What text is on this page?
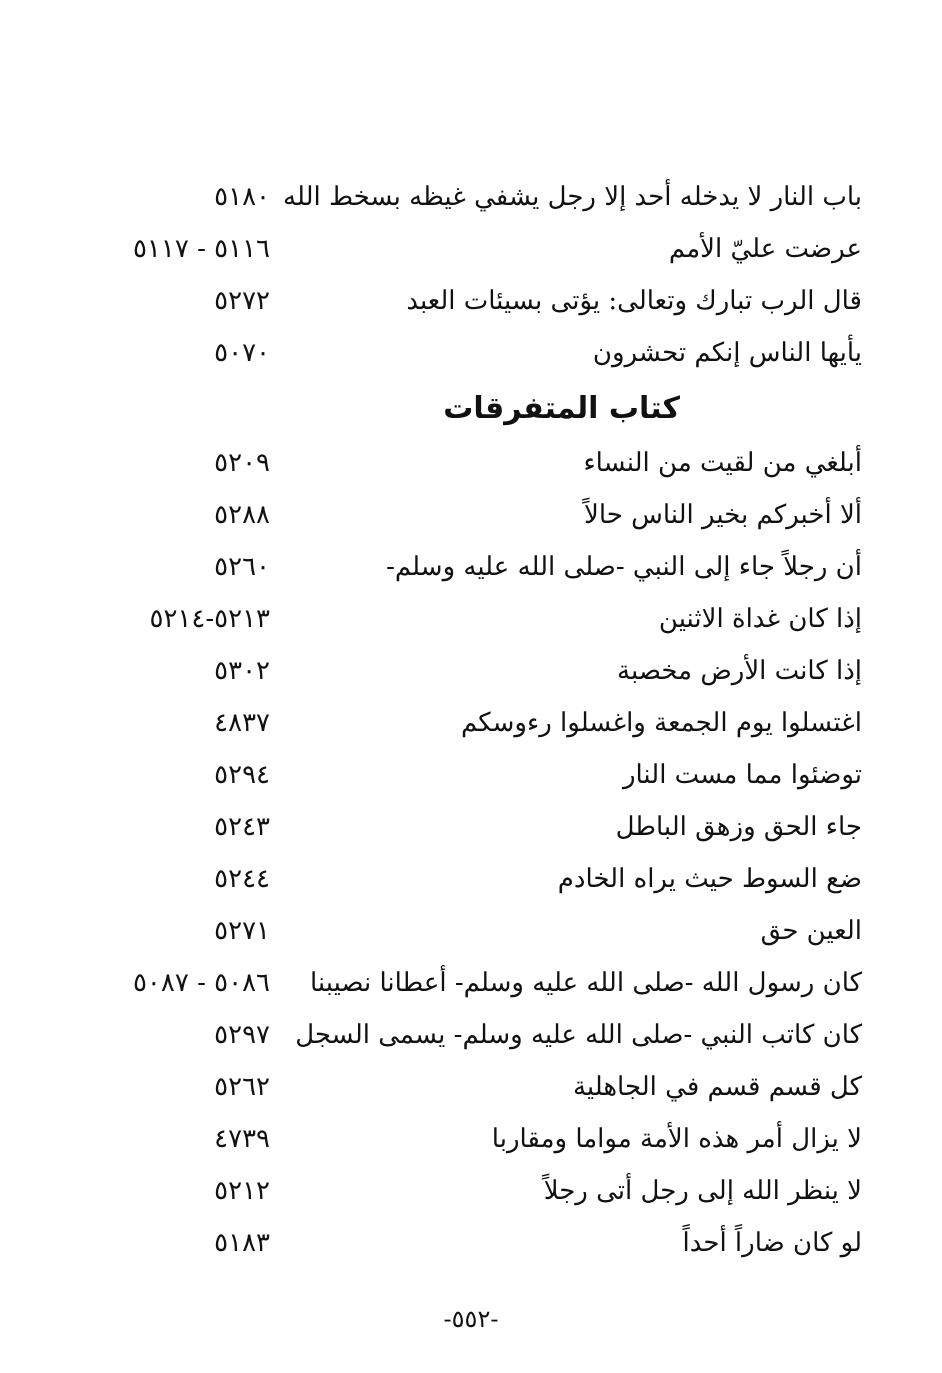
باب النار لا يدخله أحد إلا رجل يشفي غيظه بسخط الله
٥١٨٠
عرضت عليّ الأمم
٥١١٦ - ٥١١٧
قال الرب تبارك وتعالى: يؤتى بسيئات العبد
٥٢٧٢
يأيها الناس إنكم تحشرون
٥٠٧٠
كتاب المتفرقات
أبلغي من لقيت من النساء
٥٢٠٩
ألا أخبركم بخير الناس حالاً
٥٢٨٨
أن رجلاً جاء إلى النبي -صلى الله عليه وسلم-
٥٢٦٠
إذا كان غداة الاثنين
٥٢١٣-٥٢١٤
إذا كانت الأرض مخصبة
٥٣٠٢
اغتسلوا يوم الجمعة واغسلوا رءوسكم
٤٨٣٧
توضئوا مما مست النار
٥٢٩٤
جاء الحق وزهق الباطل
٥٢٤٣
ضع السوط حيث يراه الخادم
٥٢٤٤
العين حق
٥٢٧١
كان رسول الله -صلى الله عليه وسلم- أعطانا نصيبنا
٥٠٨٦ - ٥٠٨٧
كان كاتب النبي -صلى الله عليه وسلم- يسمى السجل
٥٢٩٧
كل قسم قسم في الجاهلية
٥٢٦٢
لا يزال أمر هذه الأمة مواما ومقاربا
٤٧٣٩
لا ينظر الله إلى رجل أتى رجلاً
٥٢١٢
لو كان ضاراً أحداً
٥١٨٣
-٥٥٢-
